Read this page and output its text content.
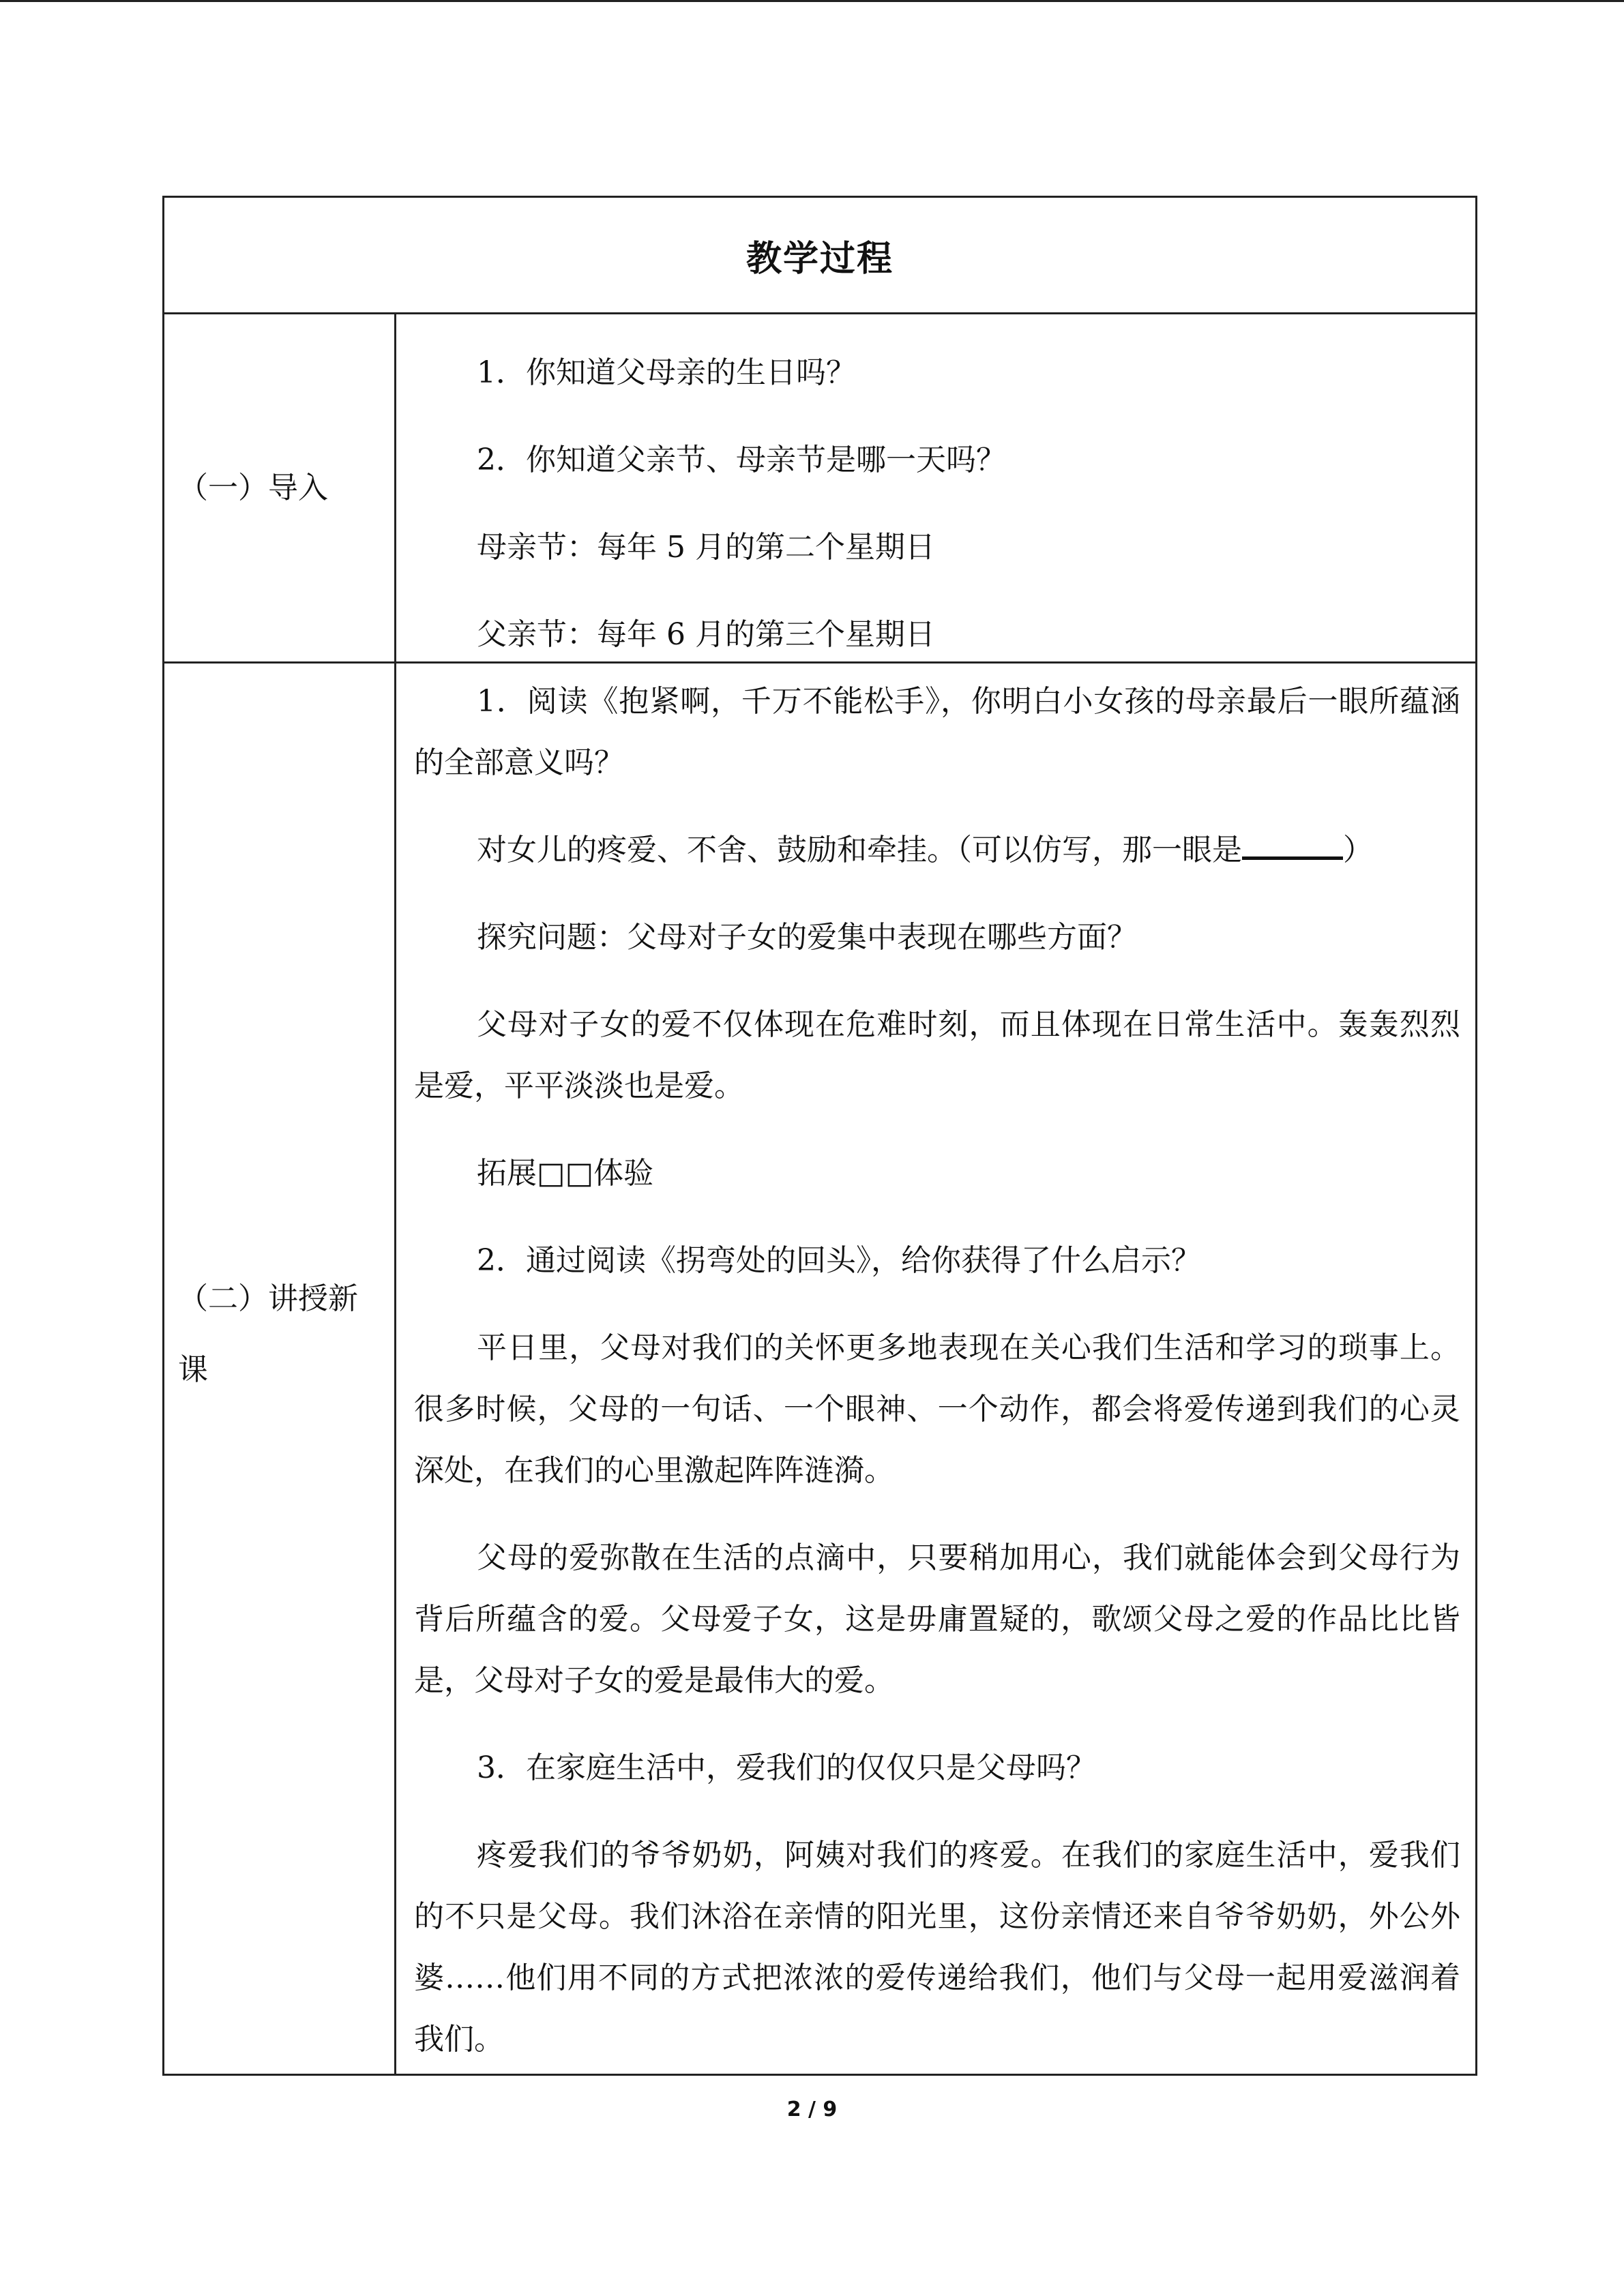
教学过程
（一）导入

1．你知道父母亲的生日吗？

2．你知道父亲节、母亲节是哪一天吗？

母亲节：每年 5 月的第二个星期日

父亲节：每年 6 月的第三个星期日

（二）讲授新课

1．阅读《抱紧啊，千万不能松手》，你明白小女孩的母亲最后一眼所蕴涵的全部意义吗？

对女儿的疼爱、不舍、鼓励和牵挂。（可以仿写，那一眼是	）

探究问题：父母对子女的爱集中表现在哪些方面？

父母对子女的爱不仅体现在危难时刻，而且体现在日常生活中。轰轰烈烈是爱，平平淡淡也是爱。

拓展□□体验

2．通过阅读《拐弯处的回头》，给你获得了什么启示？

平日里，父母对我们的关怀更多地表现在关心我们生活和学习的琐事上。很多时候，父母的一句话、一个眼神、一个动作，都会将爱传递到我们的心灵深处，在我们的心里激起阵阵涟漪。

父母的爱弥散在生活的点滴中，只要稍加用心，我们就能体会到父母行为背后所蕴含的爱。父母爱子女，这是毋庸置疑的，歌颂父母之爱的作品比比皆是，父母对子女的爱是最伟大的爱。

3．在家庭生活中，爱我们的仅仅只是父母吗？

疼爱我们的爷爷奶奶，阿姨对我们的疼爱。在我们的家庭生活中，爱我们的不只是父母。我们沐浴在亲情的阳光里，这份亲情还来自爷爷奶奶，外公外婆……他们用不同的方式把浓浓的爱传递给我们，他们与父母一起用爱滋润着我们。

2 / 9
